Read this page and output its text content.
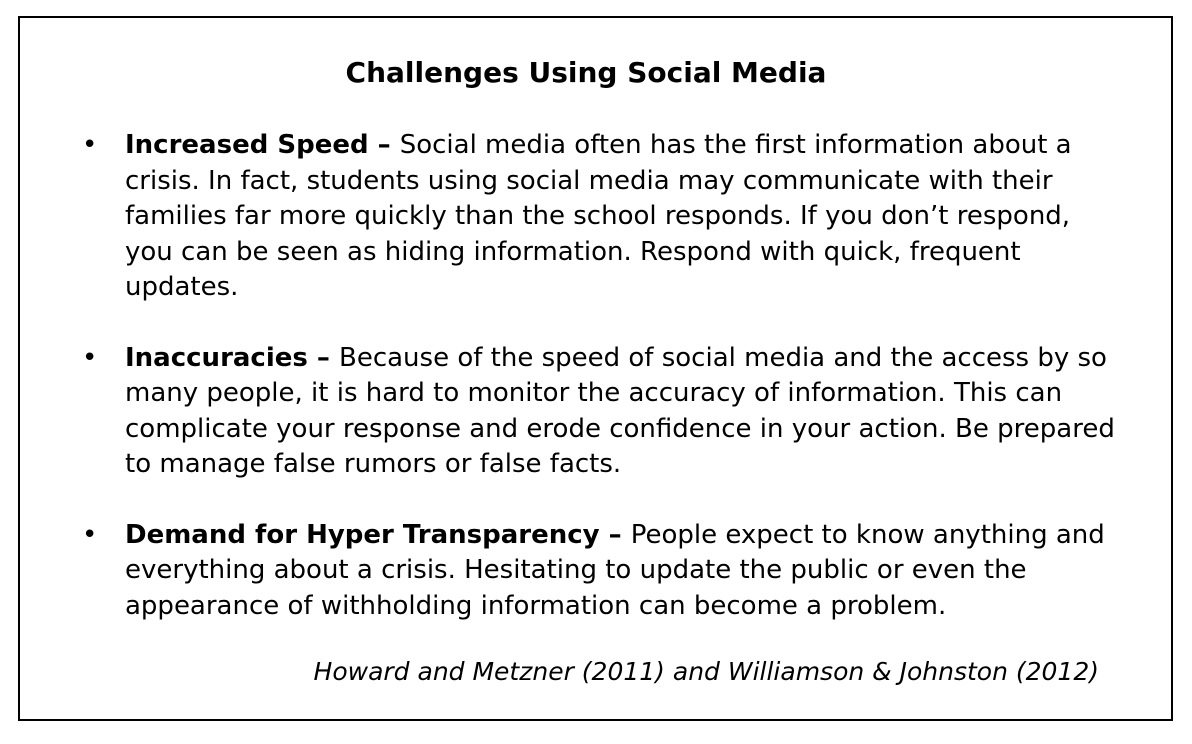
Challenges Using Social Media
• Increased Speed – Social media often has the first information about a crisis. In fact, students using social media may communicate with their families far more quickly than the school responds. If you don’t respond, you can be seen as hiding information. Respond with quick, frequent updates.
• Inaccuracies – Because of the speed of social media and the access by so many people, it is hard to monitor the accuracy of information. This can complicate your response and erode confidence in your action. Be prepared to manage false rumors or false facts.
• Demand for Hyper Transparency – People expect to know anything and everything about a crisis. Hesitating to update the public or even the appearance of withholding information can become a problem.

Howard and Metzner (2011) and Williamson & Johnston (2012)
